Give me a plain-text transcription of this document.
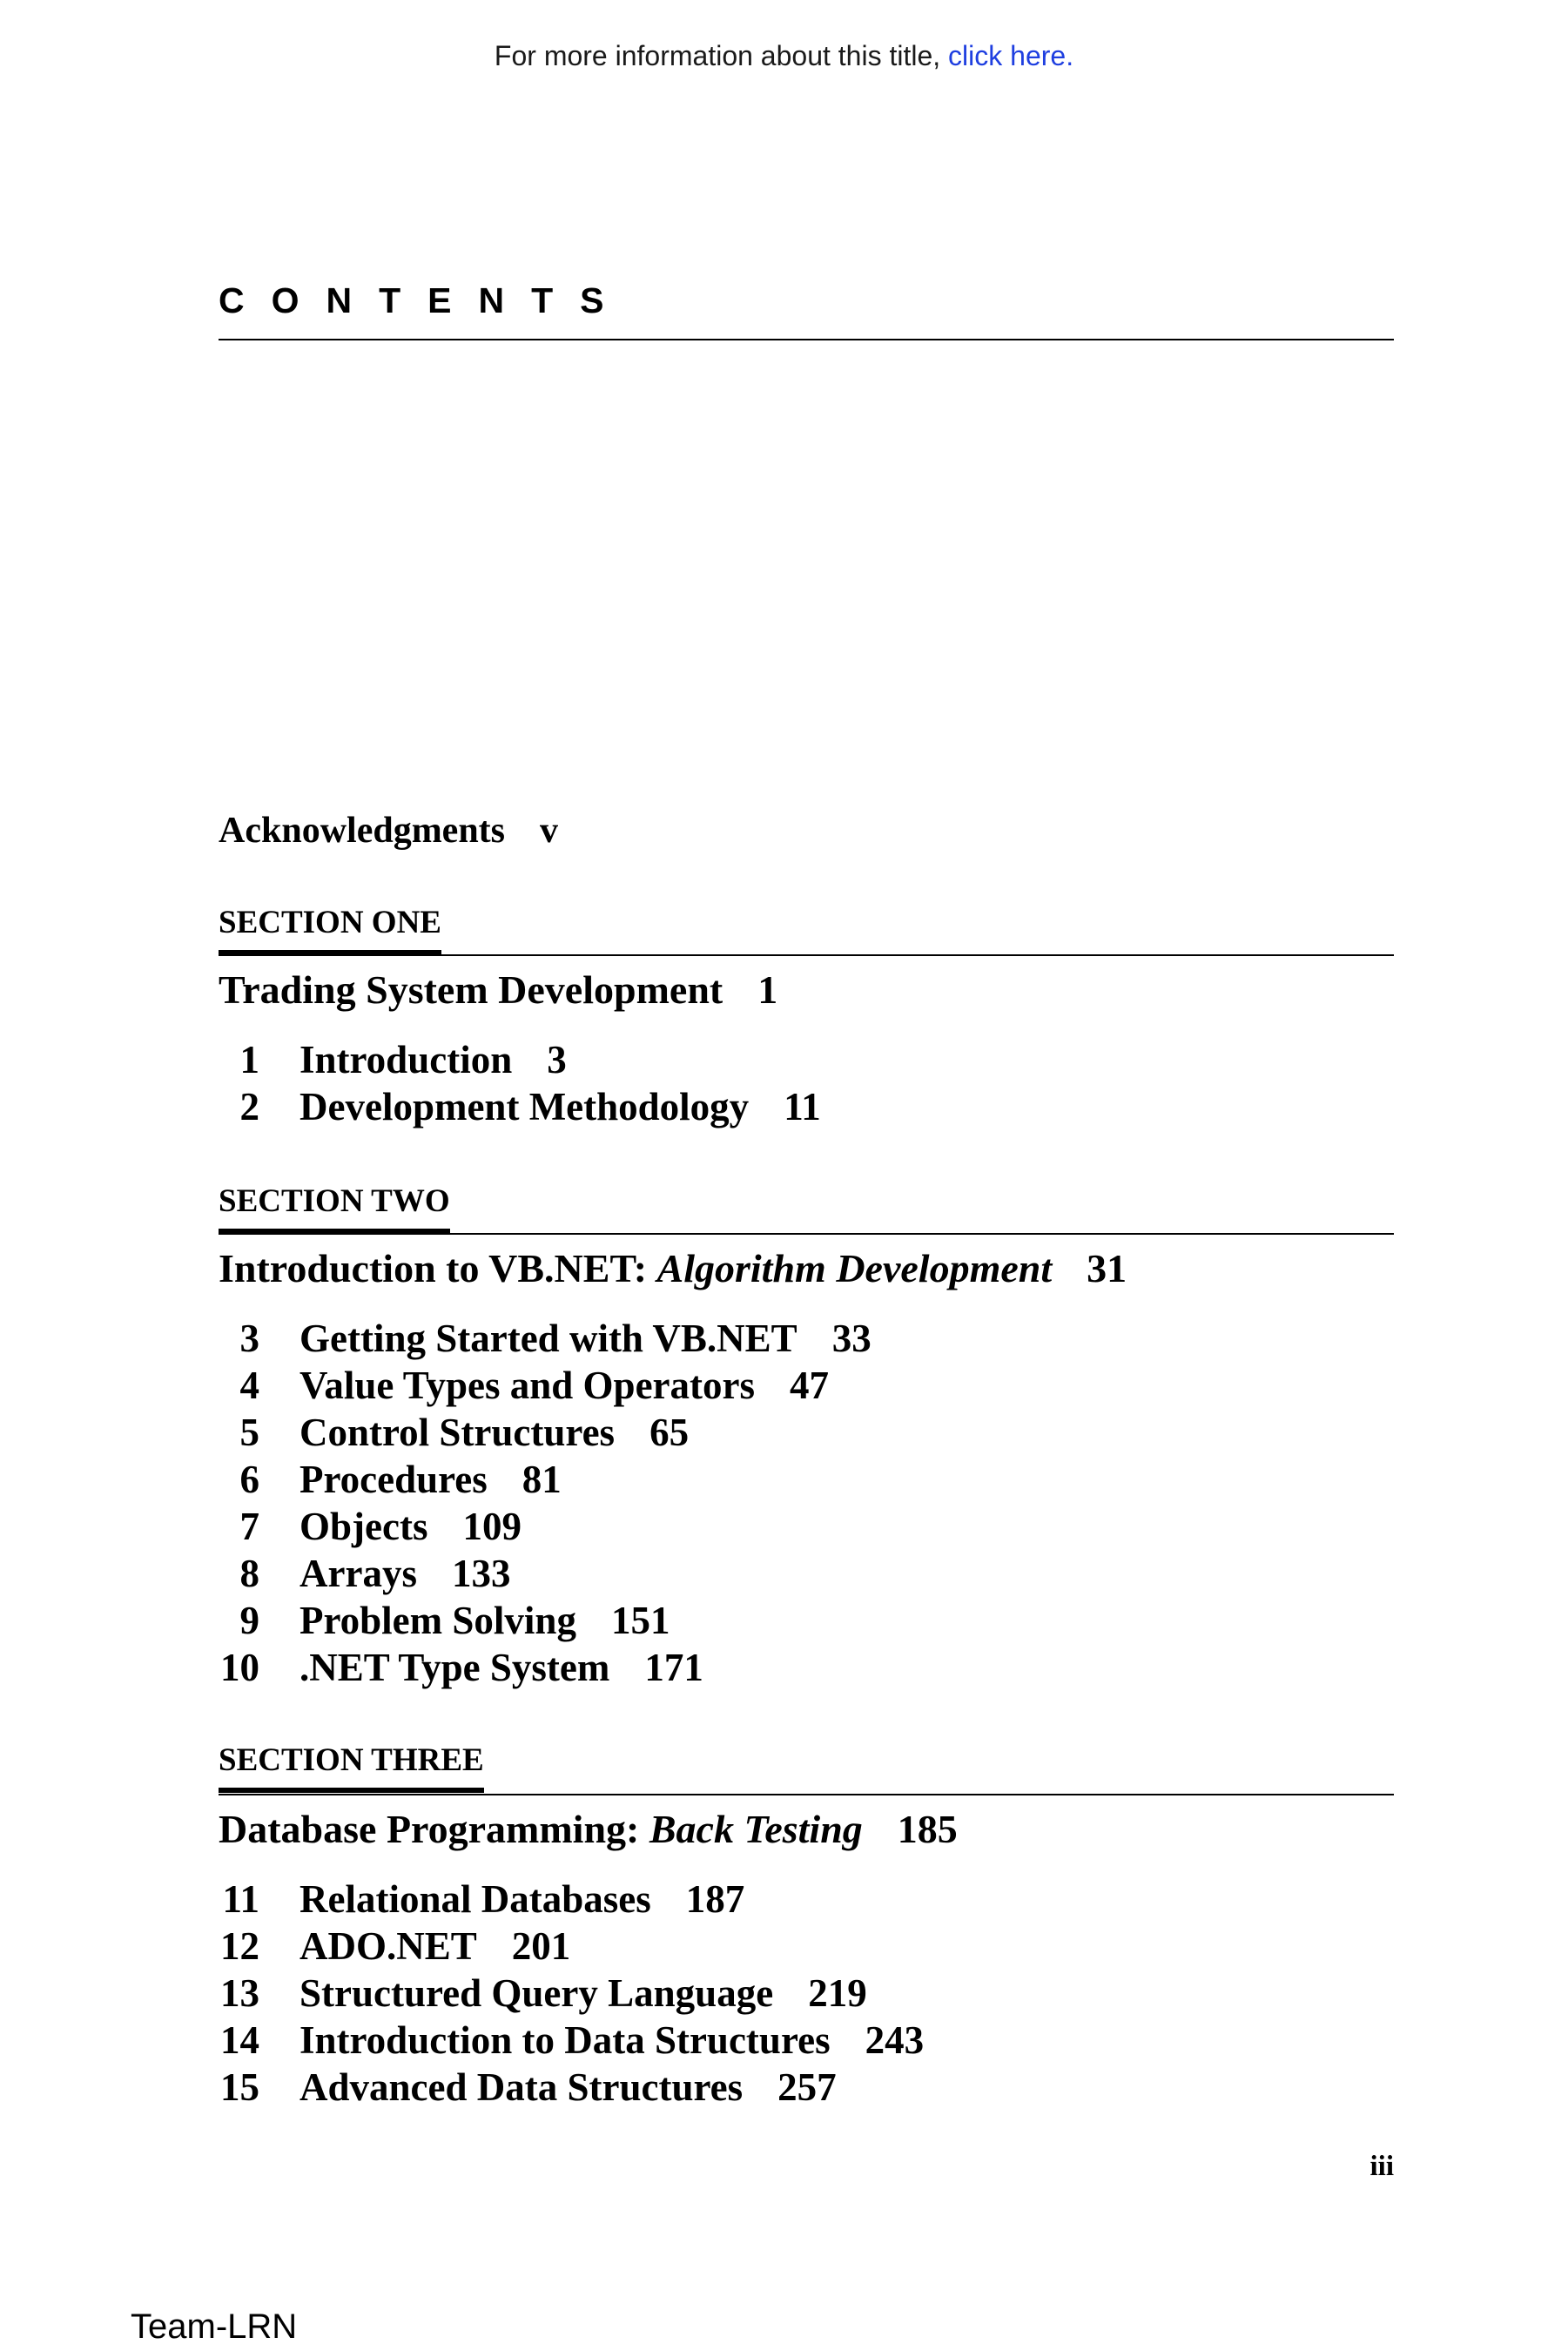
For more information about this title, click here.
CONTENTS
Acknowledgments v
SECTION ONE
Trading System Development 1
1 Introduction 3
2 Development Methodology 11
SECTION TWO
Introduction to VB.NET: Algorithm Development 31
3 Getting Started with VB.NET 33
4 Value Types and Operators 47
5 Control Structures 65
6 Procedures 81
7 Objects 109
8 Arrays 133
9 Problem Solving 151
10 .NET Type System 171
SECTION THREE
Database Programming: Back Testing 185
11 Relational Databases 187
12 ADO.NET 201
13 Structured Query Language 219
14 Introduction to Data Structures 243
15 Advanced Data Structures 257
iii
Team-LRN
